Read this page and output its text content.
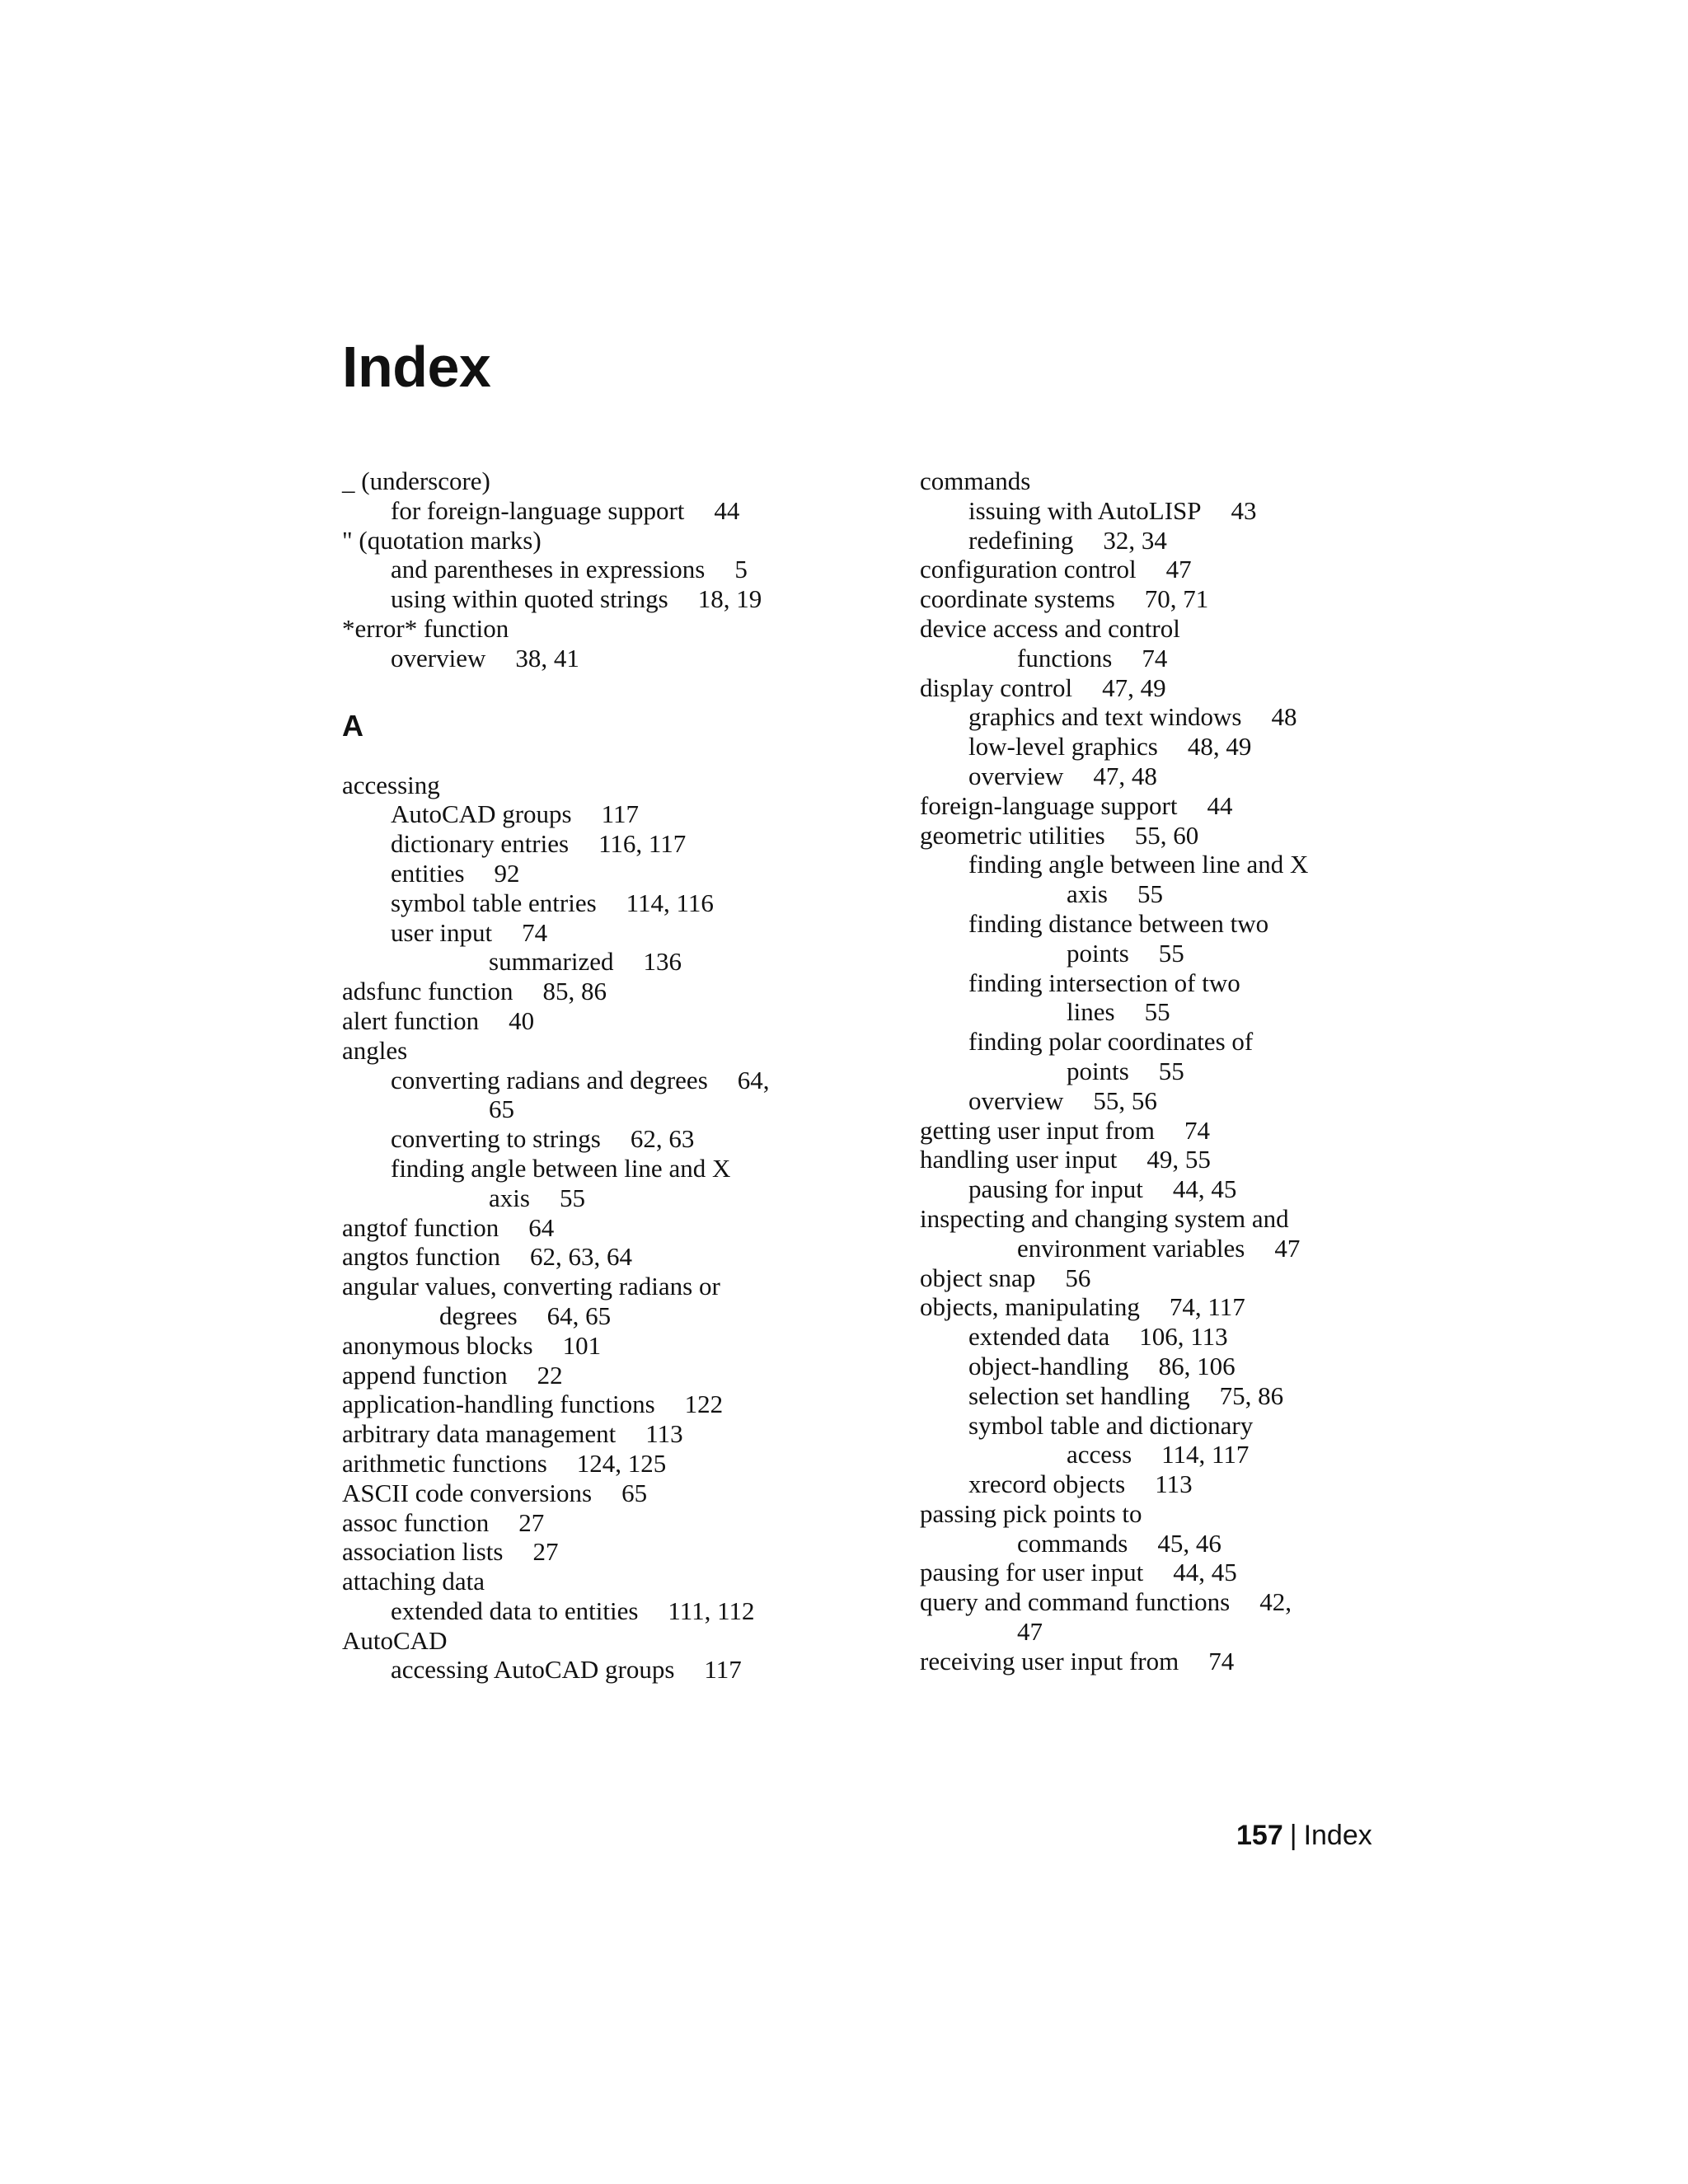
Index
_ (underscore)
for foreign-language support 44
" (quotation marks)
and parentheses in expressions 5
using within quoted strings 18, 19
*error* function
overview 38, 41
A
accessing
AutoCAD groups 117
dictionary entries 116, 117
entities 92
symbol table entries 114, 116
user input 74
summarized 136
adsfunc function 85, 86
alert function 40
angles
converting radians and degrees 64,
65
converting to strings 62, 63
finding angle between line and X
axis 55
angtof function 64
angtos function 62, 63, 64
angular values, converting radians or
degrees 64, 65
anonymous blocks 101
append function 22
application-handling functions 122
arbitrary data management 113
arithmetic functions 124, 125
ASCII code conversions 65
assoc function 27
association lists 27
attaching data
extended data to entities 111, 112
AutoCAD
accessing AutoCAD groups 117
commands
issuing with AutoLISP 43
redefining 32, 34
configuration control 47
coordinate systems 70, 71
device access and control
functions 74
display control 47, 49
graphics and text windows 48
low-level graphics 48, 49
overview 47, 48
foreign-language support 44
geometric utilities 55, 60
finding angle between line and X
axis 55
finding distance between two
points 55
finding intersection of two
lines 55
finding polar coordinates of
points 55
overview 55, 56
getting user input from 74
handling user input 49, 55
pausing for input 44, 45
inspecting and changing system and
environment variables 47
object snap 56
objects, manipulating 74, 117
extended data 106, 113
object-handling 86, 106
selection set handling 75, 86
symbol table and dictionary
access 114, 117
xrecord objects 113
passing pick points to
commands 45, 46
pausing for user input 44, 45
query and command functions 42,
47
receiving user input from 74
157 | Index
